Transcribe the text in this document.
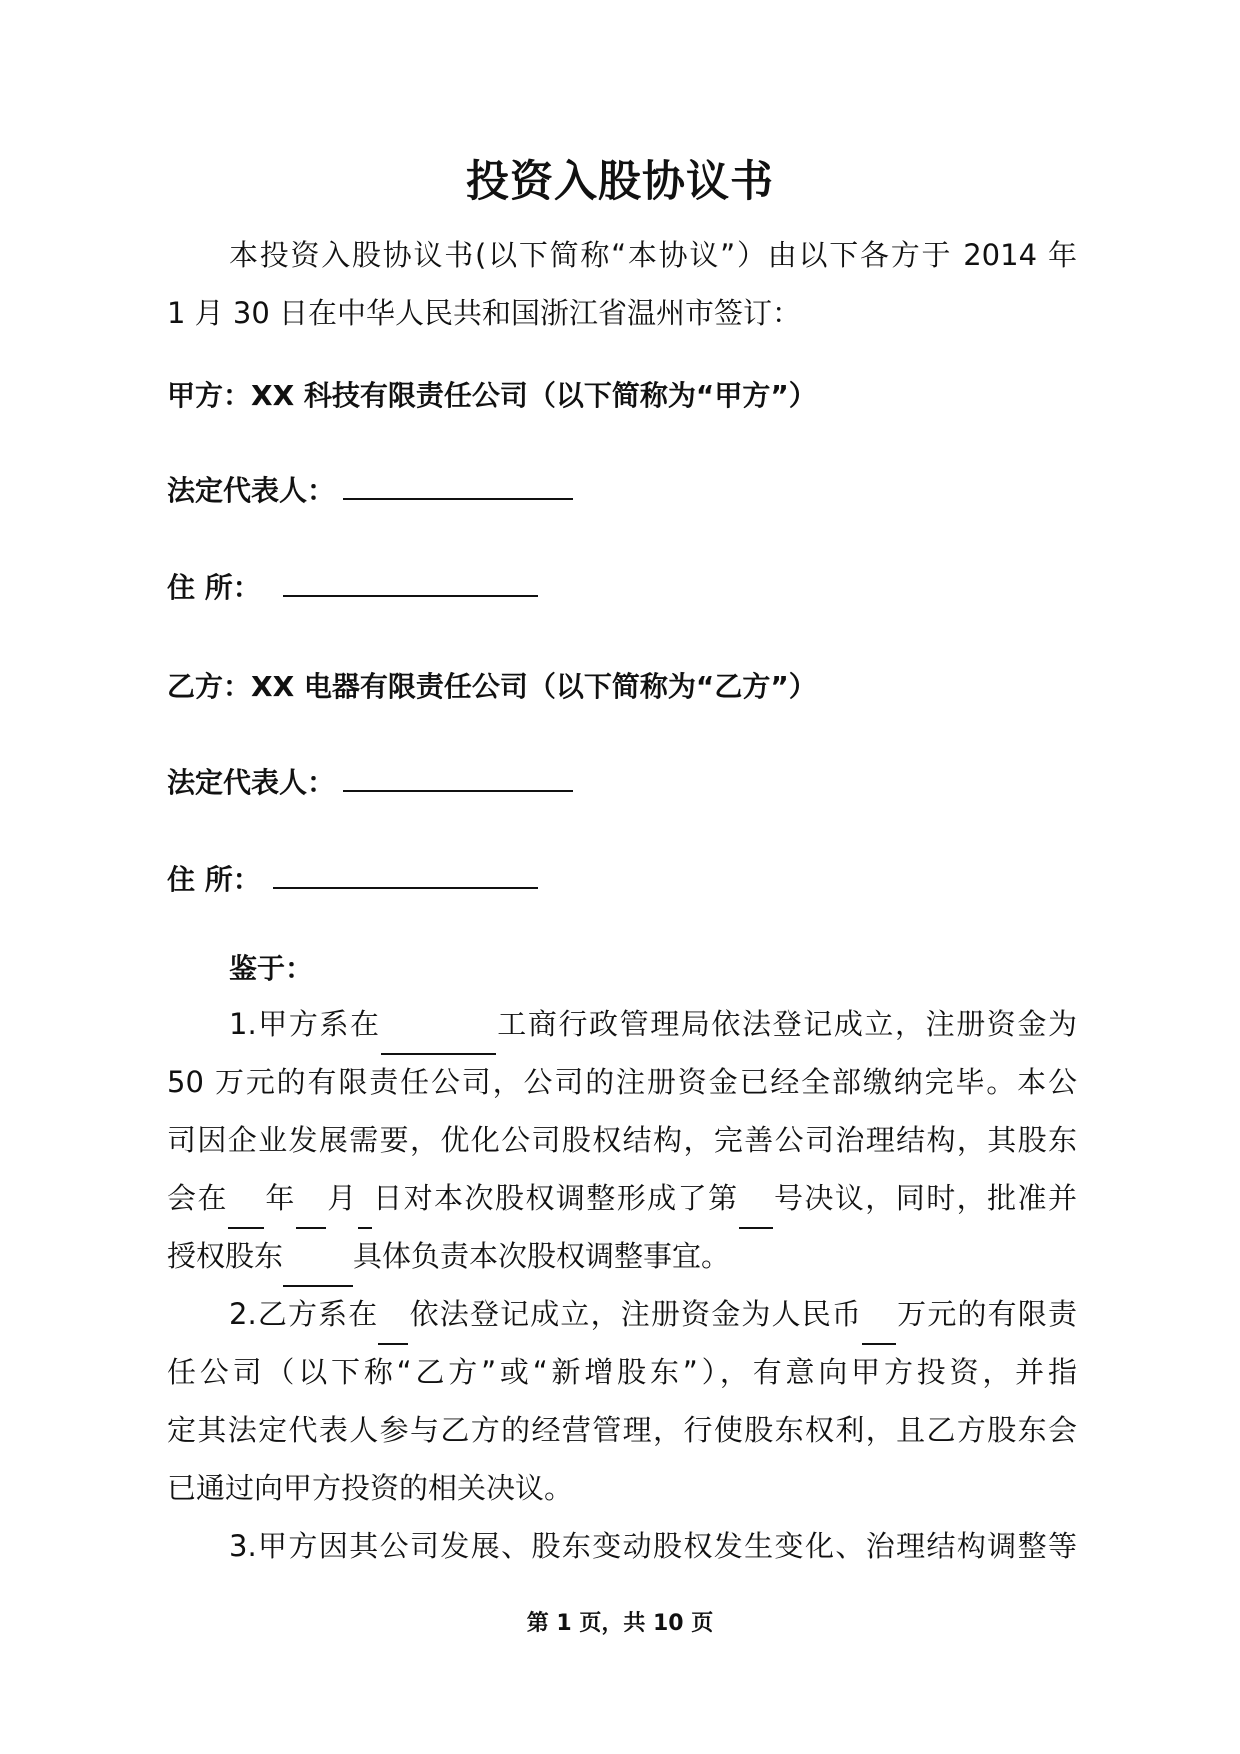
投资入股协议书
本投资入股协议书(以下简称“本协议”）由以下各方于 2014 年
1 月 30 日在中华人民共和国浙江省温州市签订：
甲方：XX 科技有限责任公司（以下简称为“甲方”）
法定代表人：
住 所：
乙方：XX 电器有限责任公司（以下简称为“乙方”）
法定代表人：
住 所：
鉴于：
1.甲方系在	工商行政管理局依法登记成立，注册资金为
50 万元的有限责任公司，公司的注册资金已经全部缴纳完毕。本公
司因企业发展需要，优化公司股权结构，完善公司治理结构，其股东
会在 年 月 日对本次股权调整形成了第 号决议，同时，批准并
授权股东 具体负责本次股权调整事宜。
2.乙方系在 依法登记成立，注册资金为人民币 万元的有限责
任公司（以下称“乙方”或“新增股东”），有意向甲方投资，并指
定其法定代表人参与乙方的经营管理，行使股东权利，且乙方股东会
已通过向甲方投资的相关决议。
3.甲方因其公司发展、股东变动股权发生变化、治理结构调整等
第 1 页，共 10 页
